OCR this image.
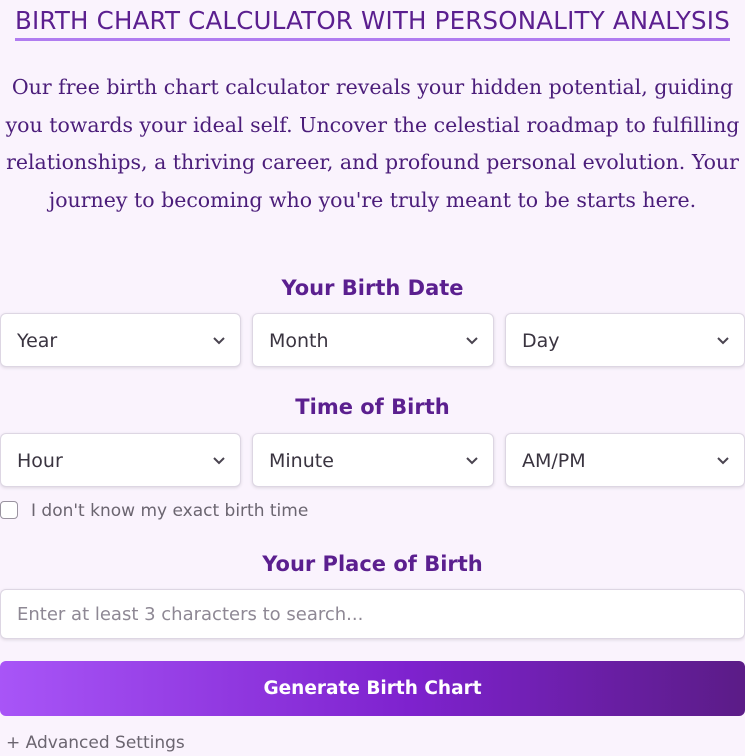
BIRTH CHART CALCULATOR WITH PERSONALITY ANALYSIS

Our free birth chart calculator reveals your hidden potential, guiding you towards your ideal self. Uncover the celestial roadmap to fulfilling relationships, a thriving career, and profound personal evolution. Your journey to becoming who you're truly meant to be starts here.

Your Birth Date
Year	Month	Day
Time of Birth
Hour	Minute	AM/PM
I don't know my exact birth time
Your Place of Birth
Enter at least 3 characters to search...
Generate Birth Chart
+ Advanced Settings
